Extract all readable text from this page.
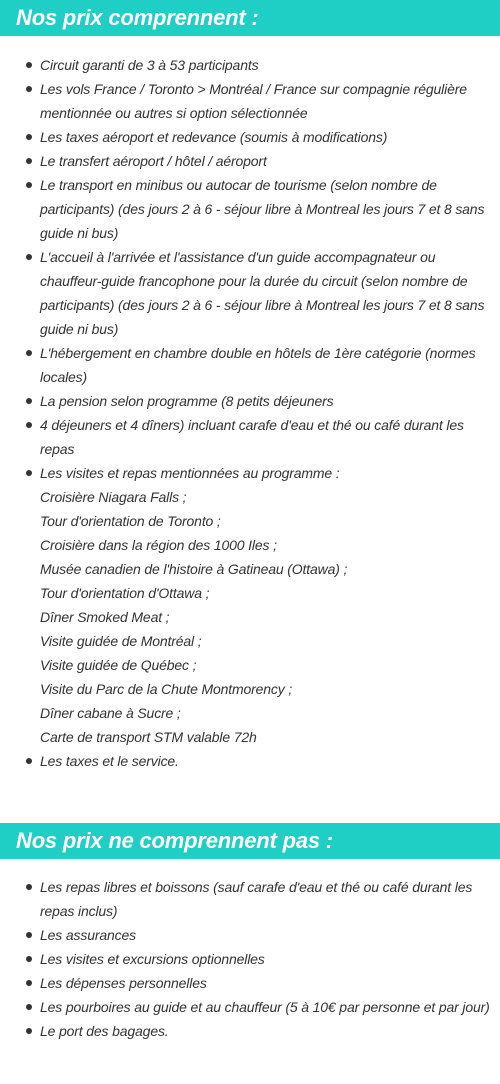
Nos prix comprennent :
Circuit garanti de 3 à 53 participants
Les vols France / Toronto > Montréal / France sur compagnie régulière mentionnée ou autres si option sélectionnée
Les taxes aéroport et redevance (soumis à modifications)
Le transfert aéroport / hôtel / aéroport
Le transport en minibus ou autocar de tourisme (selon nombre de participants) (des jours 2 à 6 - séjour libre à Montreal les jours 7 et 8 sans guide ni bus)
L'accueil à l'arrivée et l'assistance d'un guide accompagnateur ou chauffeur-guide francophone pour la durée du circuit (selon nombre de participants) (des jours 2 à 6 - séjour libre à Montreal les jours 7 et 8 sans guide ni bus)
L'hébergement en chambre double en hôtels de 1ère catégorie (normes locales)
La pension selon programme (8 petits déjeuners
4 déjeuners et 4 dîners) incluant carafe d'eau et thé ou café durant les repas
Les visites et repas mentionnées au programme :
Croisière Niagara Falls ;
Tour d'orientation de Toronto ;
Croisière dans la région des 1000 Iles ;
Musée canadien de l'histoire à Gatineau (Ottawa) ;
Tour d'orientation d'Ottawa ;
Dîner Smoked Meat ;
Visite guidée de Montréal ;
Visite guidée de Québec ;
Visite du Parc de la Chute Montmorency ;
Dîner cabane à Sucre ;
Carte de transport STM valable 72h
Les taxes et le service.
Nos prix ne comprennent pas :
Les repas libres et boissons (sauf carafe d'eau et thé ou café durant les repas inclus)
Les assurances
Les visites et excursions optionnelles
Les dépenses personnelles
Les pourboires au guide et au chauffeur (5 à 10€ par personne et par jour)
Le port des bagages.
